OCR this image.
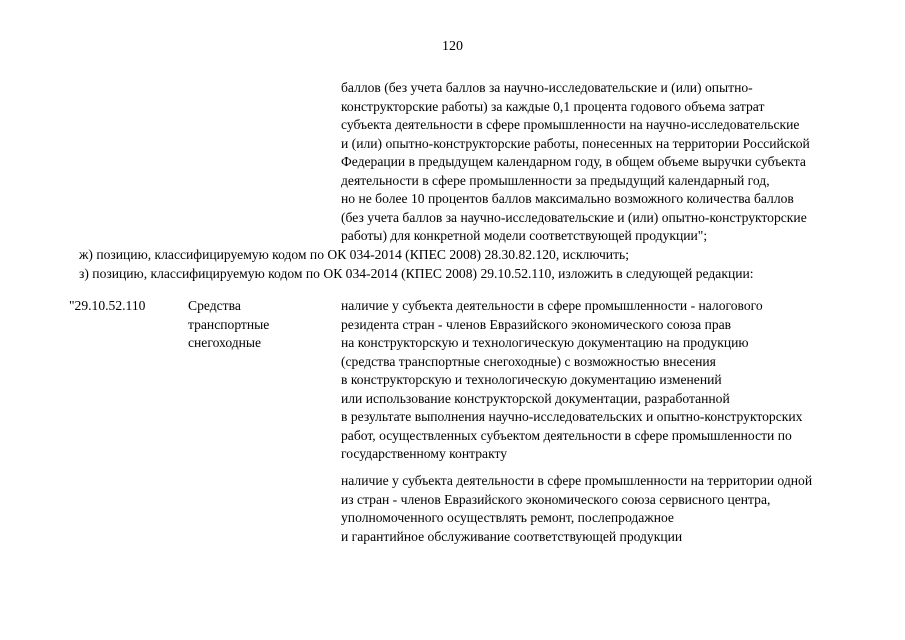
120
баллов (без учета баллов за научно-исследовательские и (или) опытно-
конструкторские работы) за каждые 0,1 процента годового объема затрат
субъекта деятельности в сфере промышленности на научно-исследовательские
и (или) опытно-конструкторские работы, понесенных на территории Российской
Федерации в предыдущем календарном году, в общем объеме выручки субъекта
деятельности в сфере промышленности за предыдущий календарный год,
но не более 10 процентов баллов максимально возможного количества баллов
(без учета баллов за научно-исследовательские и (или) опытно-конструкторские
работы) для конкретной модели соответствующей продукции";
ж) позицию, классифицируемую кодом по ОК 034-2014 (КПЕС 2008) 28.30.82.120, исключить;
з) позицию, классифицируемую кодом по ОК 034-2014 (КПЕС 2008) 29.10.52.110, изложить в следующей редакции:
"29.10.52.110	Средства
транспортные
снегоходные
наличие у субъекта деятельности в сфере промышленности - налогового
резидента стран - членов Евразийского экономического союза прав
на конструкторскую и технологическую документацию на продукцию
(средства транспортные снегоходные) с возможностью внесения
в конструкторскую и технологическую документацию изменений
или использование конструкторской документации, разработанной
в результате выполнения научно-исследовательских и опытно-конструкторских
работ, осуществленных субъектом деятельности в сфере промышленности по
государственному контракту
наличие у субъекта деятельности в сфере промышленности на территории одной
из стран - членов Евразийского экономического союза сервисного центра,
уполномоченного осуществлять ремонт, послепродажное
и гарантийное обслуживание соответствующей продукции
